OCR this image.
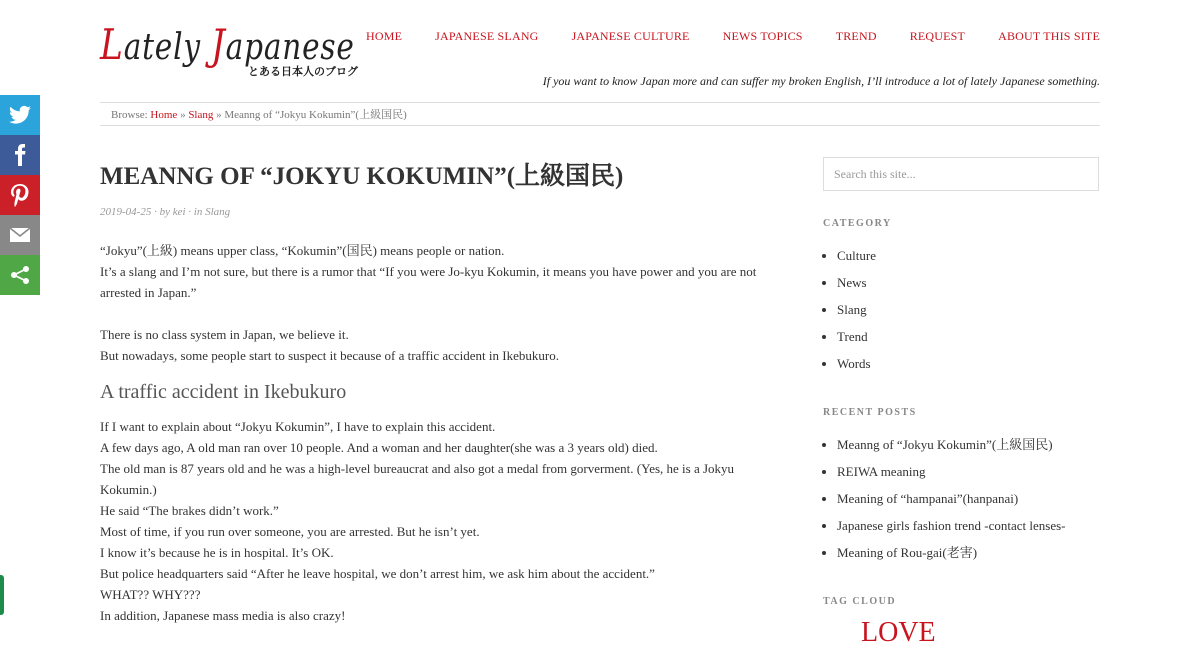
Lately Japanese
とある日本人のブログ
HOME	JAPANESE SLANG	JAPANESE CULTURE	NEWS TOPICS	TREND	REQUEST	ABOUT THIS SITE
If you want to know Japan more and can suffer my broken English, I’ll introduce a lot of lately Japanese something.
Browse: Home » Slang » Meanng of “Jokyu Kokumin”(上級国民)
MEANNG OF “JOKYU KOKUMIN”(上級国民)
2019-04-25 · by kei · in Slang

“Jokyu”(上級) means upper class, “Kokumin”(国民) means people or nation.

It’s a slang and I’m not sure, but there is a rumor that “If you were Jo-kyu Kokumin, it means you have power and you are not arrested in Japan.”

There is no class system in Japan, we believe it.

But nowadays, some people start to suspect it because of a traffic accident in Ikebukuro.

A traffic accident in Ikebukuro

If I want to explain about “Jokyu Kokumin”, I have to explain this accident.

A few days ago, A old man ran over 10 people. And a woman and her daughter(she was a 3 years old) died.

The old man is 87 years old and he was a high-level bureaucrat and also got a medal from gorverment. (Yes, he is a Jokyu Kokumin.)

He said “The brakes didn’t work.”

Most of time, if you run over someone, you are arrested. But he isn’t yet.

I know it’s because he is in hospital. It’s OK.

But police headquarters said “After he leave hospital, we don’t arrest him, we ask him about the accident.”

WHAT?? WHY???

In addition, Japanese mass media is also crazy!

Search this site...
CATEGORY
• Culture
• News
• Slang
• Trend
• Words
RECENT POSTS
• Meanng of “Jokyu Kokumin”(上級国民)
• REIWA meaning
• Meaning of “hampanai”(hanpanai)
• Japanese girls fashion trend -contact lenses-
• Meaning of Rou-gai(老害)
TAG CLOUD
LOVE
